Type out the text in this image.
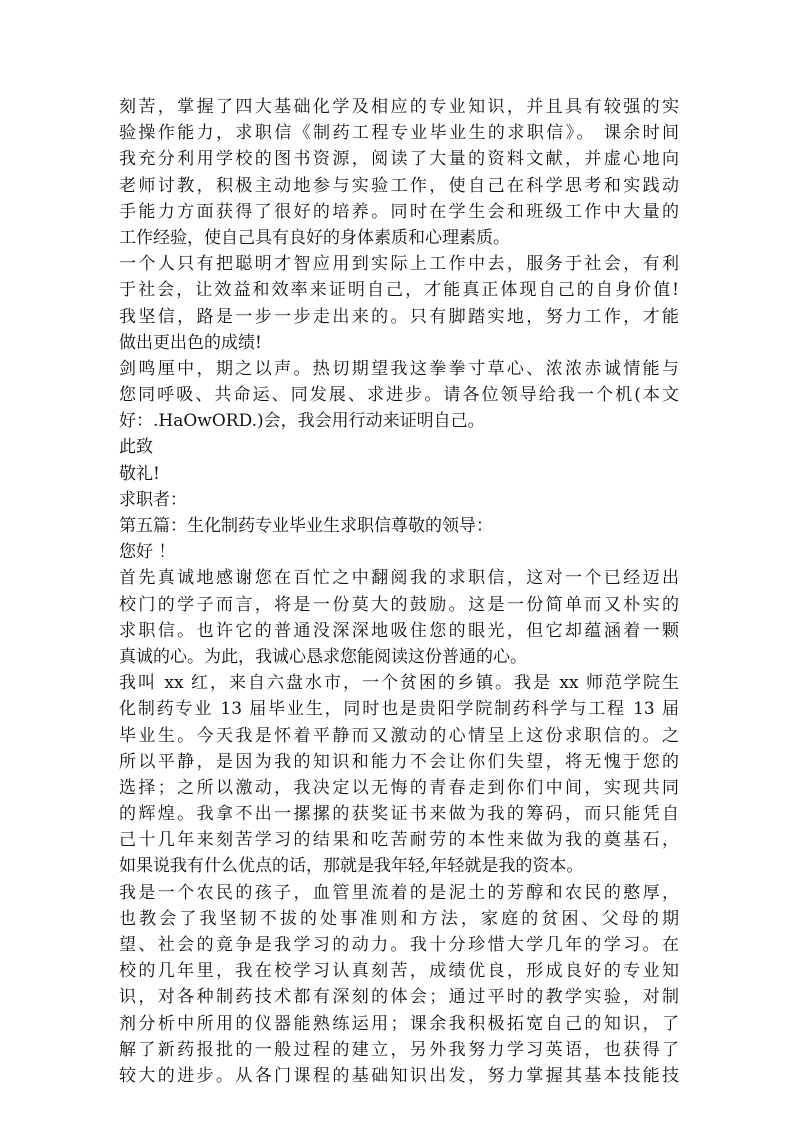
刻苦，掌握了四大基础化学及相应的专业知识，并且具有较强的实
验操作能力，求职信《制药工程专业毕业生的求职信》。 课余时间
我充分利用学校的图书资源，阅读了大量的资料文献，并虚心地向
老师讨教，积极主动地参与实验工作，使自己在科学思考和实践动
手能力方面获得了很好的培养。同时在学生会和班级工作中大量的
工作经验，使自己具有良好的身体素质和心理素质。
一个人只有把聪明才智应用到实际上工作中去，服务于社会，有利
于社会，让效益和效率来证明自己，才能真正体现自己的自身价值!
我坚信，路是一步一步走出来的。只有脚踏实地，努力工作，才能
做出更出色的成绩!
剑鸣厘中，期之以声。热切期望我这拳拳寸草心、浓浓赤诚情能与
您同呼吸、共命运、同发展、求进步。请各位领导给我一个机(本文
好：.HaOwORD.)会，我会用行动来证明自己。
此致
敬礼!
求职者：
第五篇：生化制药专业毕业生求职信尊敬的领导：
您好 ！
首先真诚地感谢您在百忙之中翻阅我的求职信，这对一个已经迈出
校门的学子而言，将是一份莫大的鼓励。这是一份简单而又朴实的
求职信。也许它的普通没深深地吸住您的眼光，但它却蕴涵着一颗
真诚的心。为此，我诚心恳求您能阅读这份普通的心。
我叫 xx 红，来自六盘水市，一个贫困的乡镇。我是 xx 师范学院生
化制药专业 13 届毕业生，同时也是贵阳学院制药科学与工程 13 届
毕业生。今天我是怀着平静而又激动的心情呈上这份求职信的。之
所以平静，是因为我的知识和能力不会让你们失望，将无愧于您的
选择；之所以激动，我决定以无悔的青春走到你们中间，实现共同
的辉煌。我拿不出一摞摞的获奖证书来做为我的筹码，而只能凭自
己十几年来刻苦学习的结果和吃苦耐劳的本性来做为我的奠基石，
如果说我有什么优点的话，那就是我年轻,年轻就是我的资本。
我是一个农民的孩子，血管里流着的是泥土的芳醇和农民的憨厚，
也教会了我坚韧不拔的处事准则和方法，家庭的贫困、父母的期
望、社会的竟争是我学习的动力。我十分珍惜大学几年的学习。在
校的几年里，我在校学习认真刻苦，成绩优良，形成良好的专业知
识，对各种制药技术都有深刻的体会；通过平时的教学实验，对制
剂分析中所用的仪器能熟练运用；课余我积极拓宽自己的知识，了
解了新药报批的一般过程的建立，另外我努力学习英语，也获得了
较大的进步。从各门课程的基础知识出发，努力掌握其基本技能技
